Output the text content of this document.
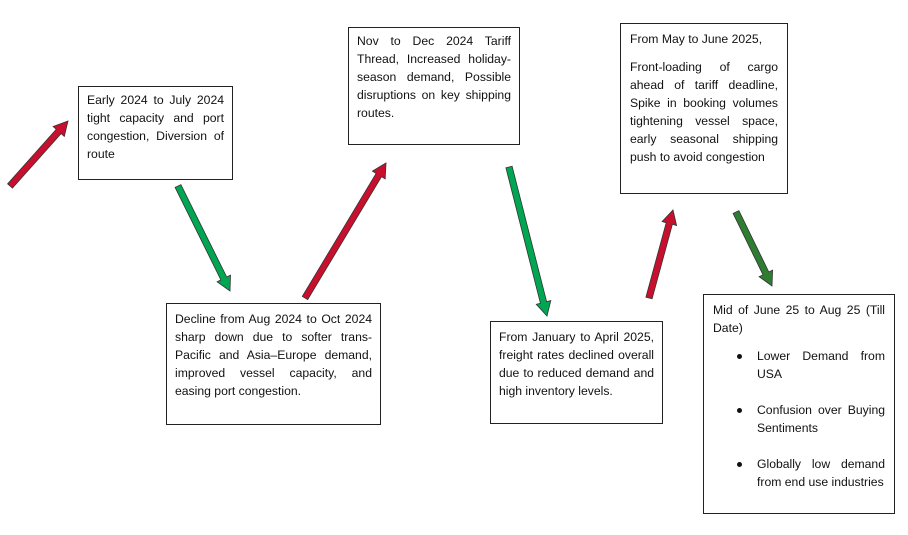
Early 2024 to July 2024 tight capacity and port congestion, Diversion of route

Decline from Aug 2024 to Oct 2024 sharp down due to softer trans-Pacific and Asia–Europe demand, improved vessel capacity, and easing port congestion.

Nov to Dec 2024 Tariff Thread, Increased holiday-season demand, Possible disruptions on key shipping routes.

From January to April 2025, freight rates declined overall due to reduced demand and high inventory levels.

From May to June 2025,

Front-loading of cargo ahead of tariff deadline, Spike in booking volumes tightening vessel space, early seasonal shipping push to avoid congestion

Mid of June 25 to Aug 25 (Till Date)

Lower Demand from USA
Confusion over Buying Sentiments
Globally low demand from end use industries
